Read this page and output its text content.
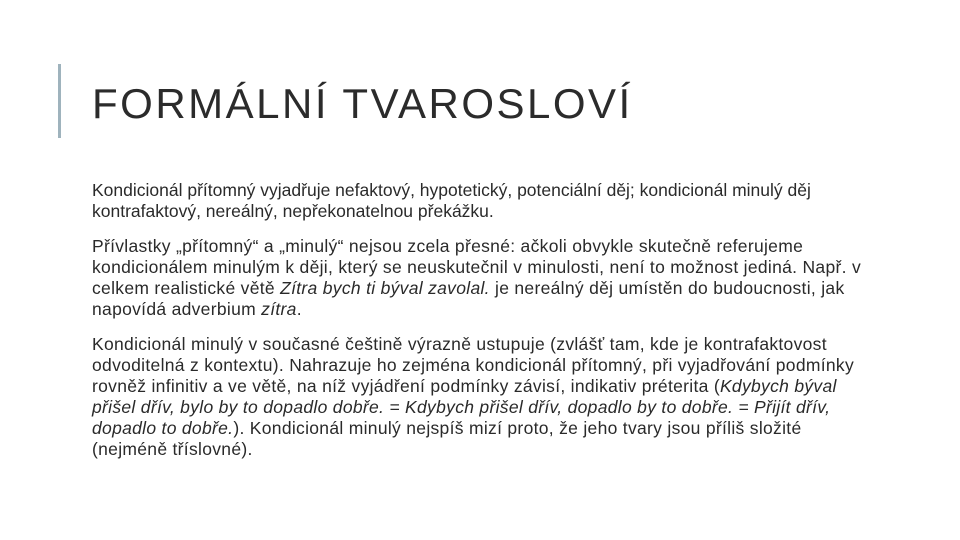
FORMÁLNÍ TVAROSLOVÍ

Kondicionál přítomný vyjadřuje nefaktový, hypotetický, potenciální děj; kondicionál minulý děj kontrafaktový, nereálný, nepřekonatelnou překážku.

Přívlastky „přítomný“ a „minulý“ nejsou zcela přesné: ačkoli obvykle skutečně referujeme kondicionálem minulým k ději, který se neuskutečnil v minulosti, není to možnost jediná. Např. v celkem realistické větě Zítra bych ti býval zavolal. je nereálný děj umístěn do budoucnosti, jak napovídá adverbium zítra.

Kondicionál minulý v současné češtině výrazně ustupuje (zvlášť tam, kde je kontrafaktovost odvoditelná z kontextu). Nahrazuje ho zejména kondicionál přítomný, při vyjadřování podmínky rovněž infinitiv a ve větě, na níž vyjádření podmínky závisí, indikativ préterita (Kdybych býval přišel dřív, bylo by to dopadlo dobře. = Kdybych přišel dřív, dopadlo by to dobře. = Přijít dřív, dopadlo to dobře.). Kondicionál minulý nejspíš mizí proto, že jeho tvary jsou příliš složité (nejméně tříslovné).
